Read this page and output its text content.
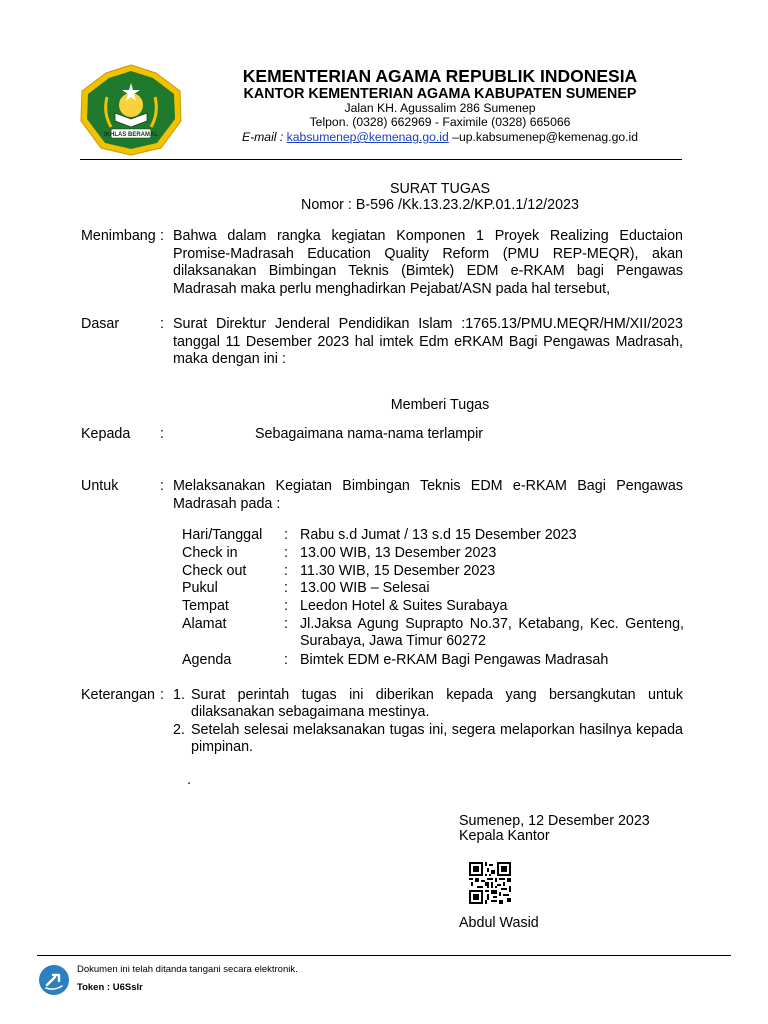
IKHLAS BERAMAL
KEMENTERIAN AGAMA REPUBLIK INDONESIA
KANTOR KEMENTERIAN AGAMA KABUPATEN SUMENEP
Jalan KH. Agussalim 286 Sumenep
Telpon. (0328) 662969 - Faximile (0328) 665066
E-mail : kabsumenep@kemenag.go.id –up.kabsumenep@kemenag.go.id
SURAT TUGAS
Nomor : B-596 /Kk.13.23.2/KP.01.1/12/2023
Menimbang : Bahwa dalam rangka kegiatan Komponen 1 Proyek Realizing Eductaion

Promise-Madrasah Education Quality Reform (PMU REP-MEQR), akan

dilaksanakan Bimbingan Teknis (Bimtek) EDM e-RKAM bagi Pengawas

Madrasah maka perlu menghadirkan Pejabat/ASN pada hal tersebut,

Dasar	: Surat Direktur Jenderal Pendidikan Islam :1765.13/PMU.MEQR/HM/XII/2023

tanggal 11 Desember 2023 hal imtek Edm eRKAM Bagi Pengawas Madrasah,

maka dengan ini :

Memberi Tugas
Kepada :	Sebagaimana nama-nama terlampir
Untuk	: Melaksanakan Kegiatan Bimbingan Teknis EDM e-RKAM Bagi Pengawas

Madrasah pada :

Hari/Tanggal : Rabu s.d Jumat / 13 s.d 15 Desember 2023
Check in	: 13.00 WIB, 13 Desember 2023
Check out	: 11.30 WIB, 15 Desember 2023
Pukul	: 13.00 WIB – Selesai
Tempat	: Leedon Hotel & Suites Surabaya
Alamat	: Jl.Jaksa Agung Suprapto No.37, Ketabang, Kec. Genteng,
Surabaya, Jawa Timur 60272
Agenda	: Bimtek EDM e-RKAM Bagi Pengawas Madrasah
Keterangan : 1. Surat perintah tugas ini diberikan kepada yang bersangkutan untuk
dilaksanakan sebagaimana mestinya.
2. Setelah selesai melaksanakan tugas ini, segera melaporkan hasilnya kepada
pimpinan.
.
Sumenep, 12 Desember 2023
Kepala Kantor
Abdul Wasid
Dokumen ini telah ditanda tangani secara elektronik.
Token : U6Sslr
